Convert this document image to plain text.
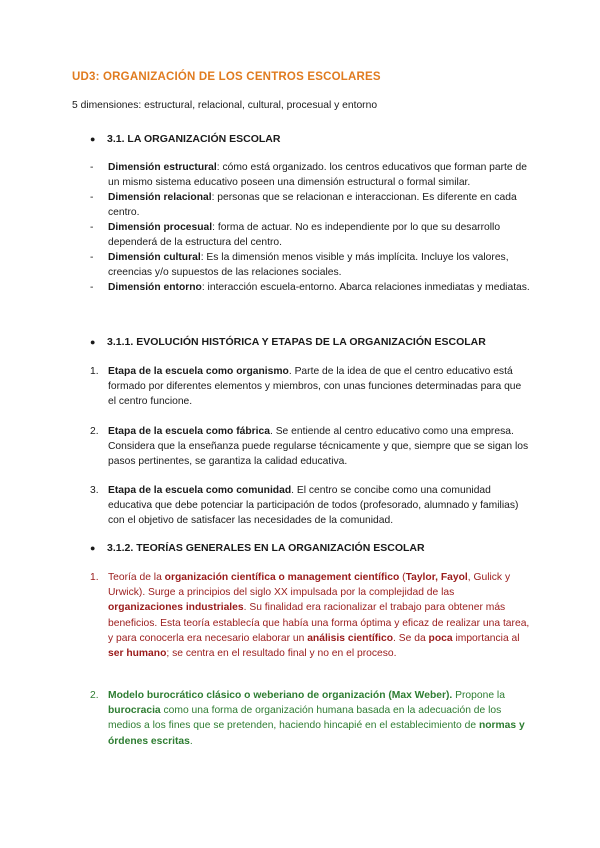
UD3: ORGANIZACIÓN DE LOS CENTROS ESCOLARES
5 dimensiones: estructural, relacional, cultural, procesual y entorno
●	3.1. LA ORGANIZACIÓN ESCOLAR
-	Dimensión estructural: cómo está organizado. los centros educativos que forman parte de un mismo sistema educativo poseen una dimensión estructural o formal similar.
-	Dimensión relacional: personas que se relacionan e interaccionan. Es diferente en cada centro.
-	Dimensión procesual: forma de actuar. No es independiente por lo que su desarrollo dependerá de la estructura del centro.
-	Dimensión cultural: Es la dimensión menos visible y más implícita. Incluye los valores, creencias y/o supuestos de las relaciones sociales.
-	Dimensión entorno: interacción escuela-entorno. Abarca relaciones inmediatas y mediatas.
●	3.1.1. EVOLUCIÓN HISTÓRICA Y ETAPAS DE LA ORGANIZACIÓN ESCOLAR
1. Etapa de la escuela como organismo. Parte de la idea de que el centro educativo está formado por diferentes elementos y miembros, con unas funciones determinadas para que el centro funcione.
2. Etapa de la escuela como fábrica. Se entiende al centro educativo como una empresa. Considera que la enseñanza puede regularse técnicamente y que, siempre que se sigan los pasos pertinentes, se garantiza la calidad educativa.
3. Etapa de la escuela como comunidad. El centro se concibe como una comunidad educativa que debe potenciar la participación de todos (profesorado, alumnado y familias) con el objetivo de satisfacer las necesidades de la comunidad.
●	3.1.2. TEORÍAS GENERALES EN LA ORGANIZACIÓN ESCOLAR
1. Teoría de la organización científica o management científico (Taylor, Fayol, Gulick y Urwick). Surge a principios del siglo XX impulsada por la complejidad de las organizaciones industriales. Su finalidad era racionalizar el trabajo para obtener más beneficios. Esta teoría establecía que había una forma óptima y eficaz de realizar una tarea, y para conocerla era necesario elaborar un análisis científico. Se da poca importancia al ser humano; se centra en el resultado final y no en el proceso.
2. Modelo burocrático clásico o weberiano de organización (Max Weber). Propone la burocracia como una forma de organización humana basada en la adecuación de los medios a los fines que se pretenden, haciendo hincapié en el establecimiento de normas y órdenes escritas.
